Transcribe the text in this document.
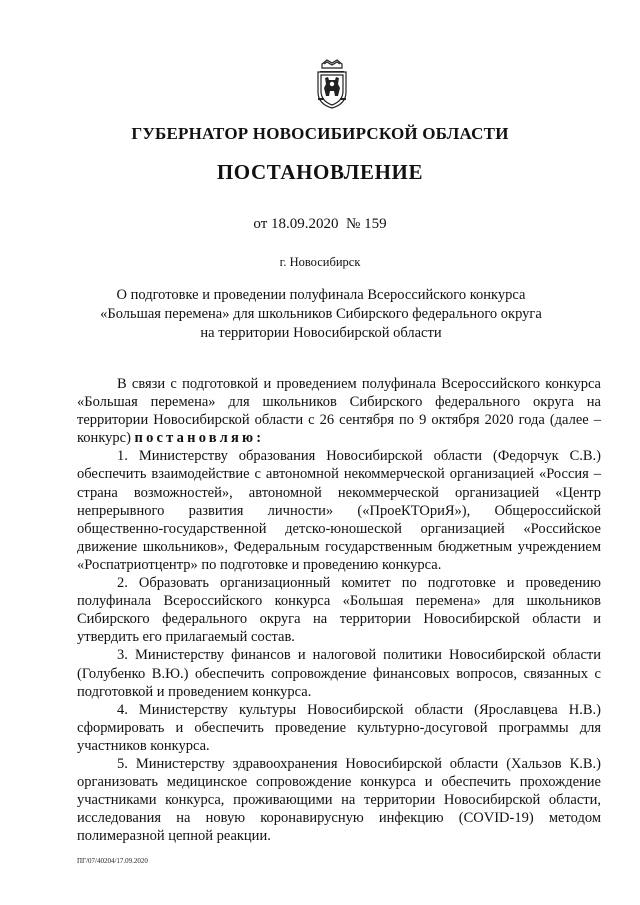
ГУБЕРНАТОР НОВОСИБИРСКОЙ ОБЛАСТИ
ПОСТАНОВЛЕНИЕ
от 18.09.2020 № 159
г. Новосибирск
О подготовке и проведении полуфинала Всероссийского конкурса
«Большая перемена» для школьников Сибирского федерального округа
на территории Новосибирской области

В связи с подготовкой и проведением полуфинала Всероссийского конкурса «Большая перемена» для школьников Сибирского федерального округа на территории Новосибирской области с 26 сентября по 9 октября 2020 года (далее – конкурс) постановляю:

1. Министерству образования Новосибирской области (Федорчук С.В.) обеспечить взаимодействие с автономной некоммерческой организацией «Россия – страна возможностей», автономной некоммерческой организацией «Центр непрерывного развития личности» («ПроеКТОриЯ»), Общероссийской общественно-государственной детско-юношеской организацией «Российское движение школьников», Федеральным государственным бюджетным учреждением «Роспатриотцентр» по подготовке и проведению конкурса.

2. Образовать организационный комитет по подготовке и проведению полуфинала Всероссийского конкурса «Большая перемена» для школьников Сибирского федерального округа на территории Новосибирской области и утвердить его прилагаемый состав.

3. Министерству финансов и налоговой политики Новосибирской области (Голубенко В.Ю.) обеспечить сопровождение финансовых вопросов, связанных с подготовкой и проведением конкурса.

4. Министерству культуры Новосибирской области (Ярославцева Н.В.) сформировать и обеспечить проведение культурно-досуговой программы для участников конкурса.

5. Министерству здравоохранения Новосибирской области (Хальзов К.В.) организовать медицинское сопровождение конкурса и обеспечить прохождение участниками конкурса, проживающими на территории Новосибирской области, исследования на новую коронавирусную инфекцию (COVID-19) методом полимеразной цепной реакции.

ПГ/07/40204/17.09.2020
